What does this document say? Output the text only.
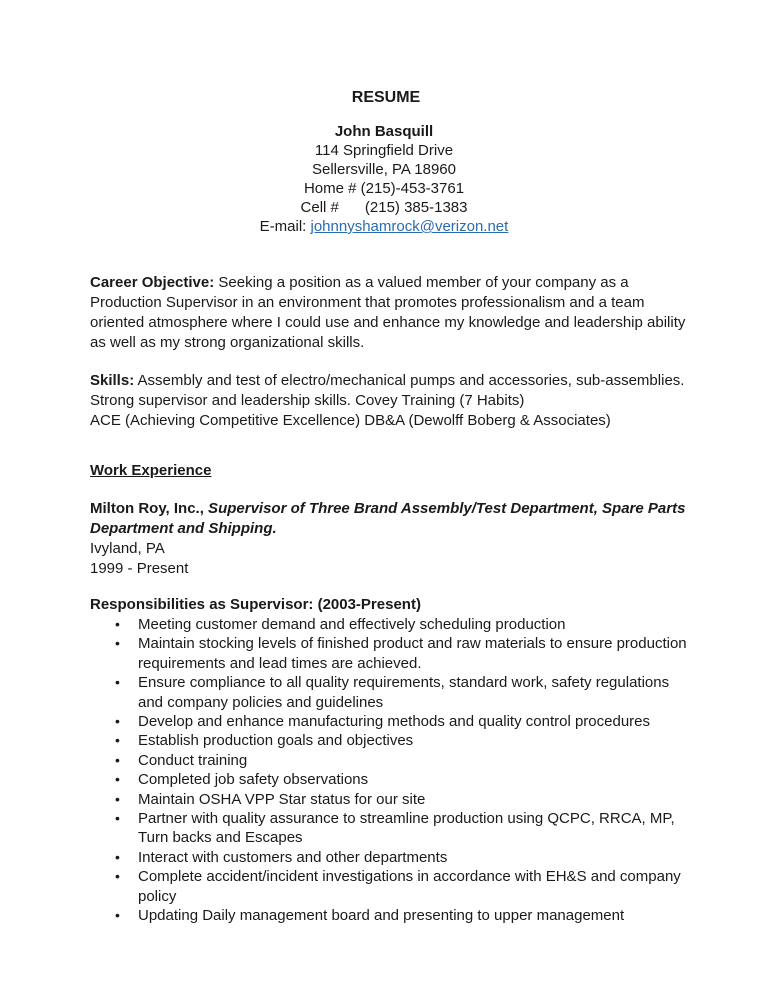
RESUME

John Basquill

114 Springfield Drive

Sellersville, PA 18960

Home # (215)-453-3761

Cell # (215) 385-1383

E-mail: johnnyshamrock@verizon.net

Career Objective: Seeking a position as a valued member of your company as a Production Supervisor in an environment that promotes professionalism and a team oriented atmosphere where I could use and enhance my knowledge and leadership ability as well as my strong organizational skills.

Skills: Assembly and test of electro/mechanical pumps and accessories, sub-assemblies. Strong supervisor and leadership skills. Covey Training (7 Habits)
ACE (Achieving Competitive Excellence) DB&A (Dewolff Boberg & Associates)

Work Experience

Milton Roy, Inc., Supervisor of Three Brand Assembly/Test Department, Spare Parts Department and Shipping.
Ivyland, PA
1999 - Present
Responsibilities as Supervisor: (2003-Present)
• Meeting customer demand and effectively scheduling production
• Maintain stocking levels of finished product and raw materials to ensure production requirements and lead times are achieved.
• Ensure compliance to all quality requirements, standard work, safety regulations and company policies and guidelines
• Develop and enhance manufacturing methods and quality control procedures
• Establish production goals and objectives
• Conduct training
• Completed job safety observations
• Maintain OSHA VPP Star status for our site
• Partner with quality assurance to streamline production using QCPC, RRCA, MP, Turn backs and Escapes
• Interact with customers and other departments
• Complete accident/incident investigations in accordance with EH&S and company policy
• Updating Daily management board and presenting to upper management
